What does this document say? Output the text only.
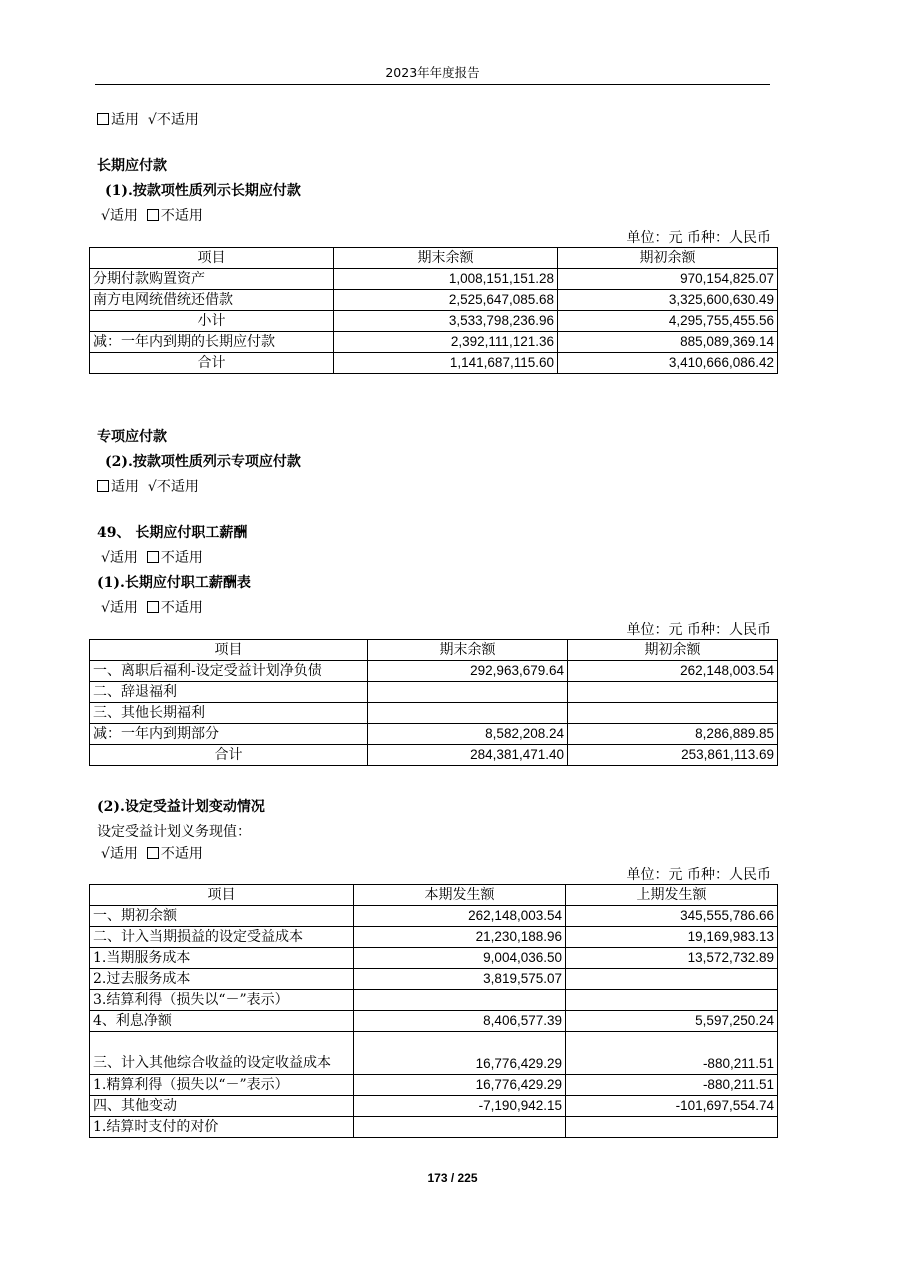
2023年年度报告
适用  √不适用
长期应付款
(1).按款项性质列示长期应付款
√适用 不适用
单位：元 币种：人民币
项目	期末余额	期初余额
分期付款购置资产	1,008,151,151.28	970,154,825.07
南方电网统借统还借款	2,525,647,085.68	3,325,600,630.49
小计	3,533,798,236.96	4,295,755,455.56
减：一年内到期的长期应付款	2,392,111,121.36	885,089,369.14
合计	1,141,687,115.60	3,410,666,086.42
专项应付款
(2).按款项性质列示专项应付款
适用  √不适用
49、 长期应付职工薪酬
√适用 不适用
(1).长期应付职工薪酬表
√适用 不适用
单位：元 币种：人民币
项目	期末余额	期初余额
一、离职后福利-设定受益计划净负债	292,963,679.64	262,148,003.54
二、辞退福利		
三、其他长期福利		
减：一年内到期部分	8,582,208.24	8,286,889.85
合计	284,381,471.40	253,861,113.69
(2).设定受益计划变动情况
设定受益计划义务现值：
√适用 不适用
单位：元 币种：人民币
项目	本期发生额	上期发生额
一、期初余额	262,148,003.54	345,555,786.66
二、计入当期损益的设定受益成本	21,230,188.96	19,169,983.13
1.当期服务成本	9,004,036.50	13,572,732.89
2.过去服务成本	3,819,575.07	
3.结算利得（损失以“－”表示）		
4、利息净额	8,406,577.39	5,597,250.24
三、计入其他综合收益的设定收益成本	16,776,429.29	-880,211.51
1.精算利得（损失以“－”表示）	16,776,429.29	-880,211.51
四、其他变动	-7,190,942.15	-101,697,554.74
1.结算时支付的对价		
173 / 225
